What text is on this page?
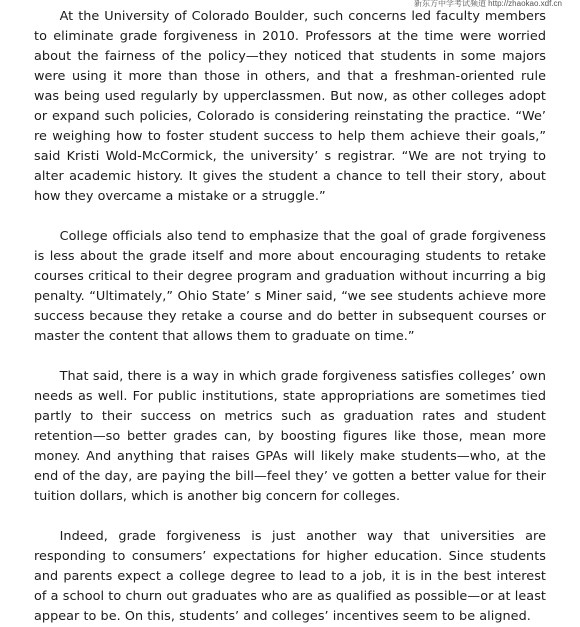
新东方中学考试频道 http://zhaokao.xdf.cn

At the University of Colorado Boulder, such concerns led faculty members to eliminate grade forgiveness in 2010. Professors at the time were worried about the fairness of the policy—they noticed that students in some majors were using it more than those in others, and that a freshman-oriented rule was being used regularly by upperclassmen. But now, as other colleges adopt or expand such policies, Colorado is considering reinstating the practice. “We’ re weighing how to foster student success to help them achieve their goals,” said Kristi Wold-McCormick, the university’ s registrar. “We are not trying to alter academic history. It gives the student a chance to tell their story, about how they overcame a mistake or a struggle.”

College officials also tend to emphasize that the goal of grade forgiveness is less about the grade itself and more about encouraging students to retake courses critical to their degree program and graduation without incurring a big penalty. “Ultimately,” Ohio State’ s Miner said, “we see students achieve more success because they retake a course and do better in subsequent courses or master the content that allows them to graduate on time.”

That said, there is a way in which grade forgiveness satisfies colleges’ own needs as well. For public institutions, state appropriations are sometimes tied partly to their success on metrics such as graduation rates and student retention—so better grades can, by boosting figures like those, mean more money. And anything that raises GPAs will likely make students—who, at the end of the day, are paying the bill—feel they’ ve gotten a better value for their tuition dollars, which is another big concern for colleges.

Indeed, grade forgiveness is just another way that universities are responding to consumers’ expectations for higher education. Since students and parents expect a college degree to lead to a job, it is in the best interest of a school to churn out graduates who are as qualified as possible—or at least appear to be. On this, students’ and colleges’ incentives seem to be aligned.
